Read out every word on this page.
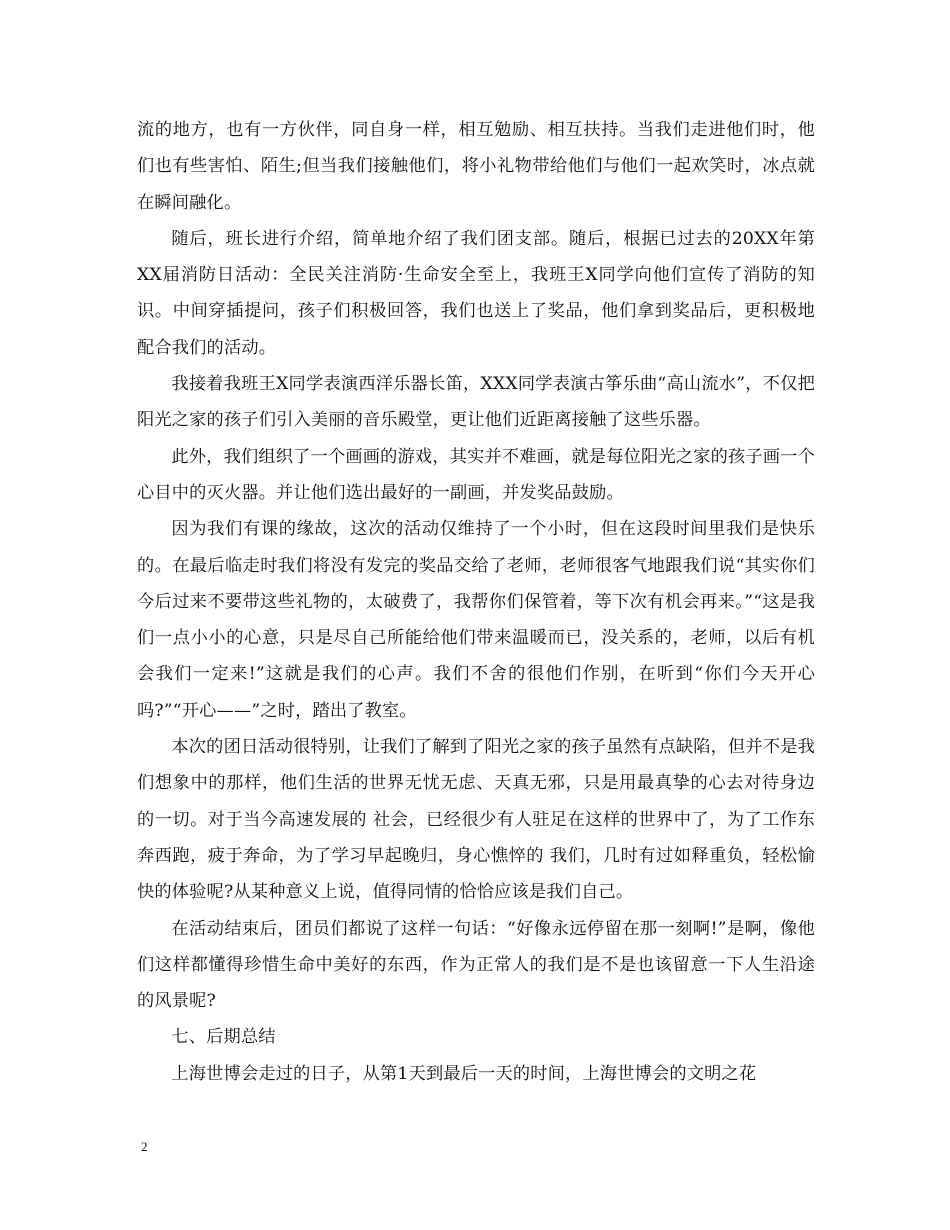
流的地方，也有一方伙伴，同自身一样，相互勉励、相互扶持。当我们走进他们时，他们也有些害怕、陌生;但当我们接触他们，将小礼物带给他们与他们一起欢笑时，冰点就在瞬间融化。

随后，班长进行介绍，简单地介绍了我们团支部。随后，根据已过去的20XX年第XX届消防日活动：全民关注消防·生命安全至上，我班王X同学向他们宣传了消防的知识。中间穿插提问，孩子们积极回答，我们也送上了奖品，他们拿到奖品后，更积极地配合我们的活动。

我接着我班王X同学表演西洋乐器长笛，XXX同学表演古筝乐曲“高山流水”，不仅把阳光之家的孩子们引入美丽的音乐殿堂，更让他们近距离接触了这些乐器。

此外，我们组织了一个画画的游戏，其实并不难画，就是每位阳光之家的孩子画一个心目中的灭火器。并让他们选出最好的一副画，并发奖品鼓励。

因为我们有课的缘故，这次的活动仅维持了一个小时，但在这段时间里我们是快乐的。在最后临走时我们将没有发完的奖品交给了老师，老师很客气地跟我们说“其实你们今后过来不要带这些礼物的，太破费了，我帮你们保管着，等下次有机会再来。”“这是我们一点小小的心意，只是尽自己所能给他们带来温暖而已，没关系的，老师，以后有机会我们一定来!”这就是我们的心声。我们不舍的很他们作别，在听到“你们今天开心吗?”“开心——”之时，踏出了教室。

本次的团日活动很特别，让我们了解到了阳光之家的孩子虽然有点缺陷，但并不是我们想象中的那样，他们生活的世界无忧无虑、天真无邪，只是用最真挚的心去对待身边的一切。对于当今高速发展的 社会，已经很少有人驻足在这样的世界中了，为了工作东奔西跑，疲于奔命，为了学习早起晚归，身心憔悴的 我们，几时有过如释重负，轻松愉快的体验呢?从某种意义上说，值得同情的恰恰应该是我们自己。

在活动结束后，团员们都说了这样一句话：“好像永远停留在那一刻啊!”是啊，像他们这样都懂得珍惜生命中美好的东西，作为正常人的我们是不是也该留意一下人生沿途的风景呢?

七、后期总结

上海世博会走过的日子，从第1天到最后一天的时间，上海世博会的文明之花

2
